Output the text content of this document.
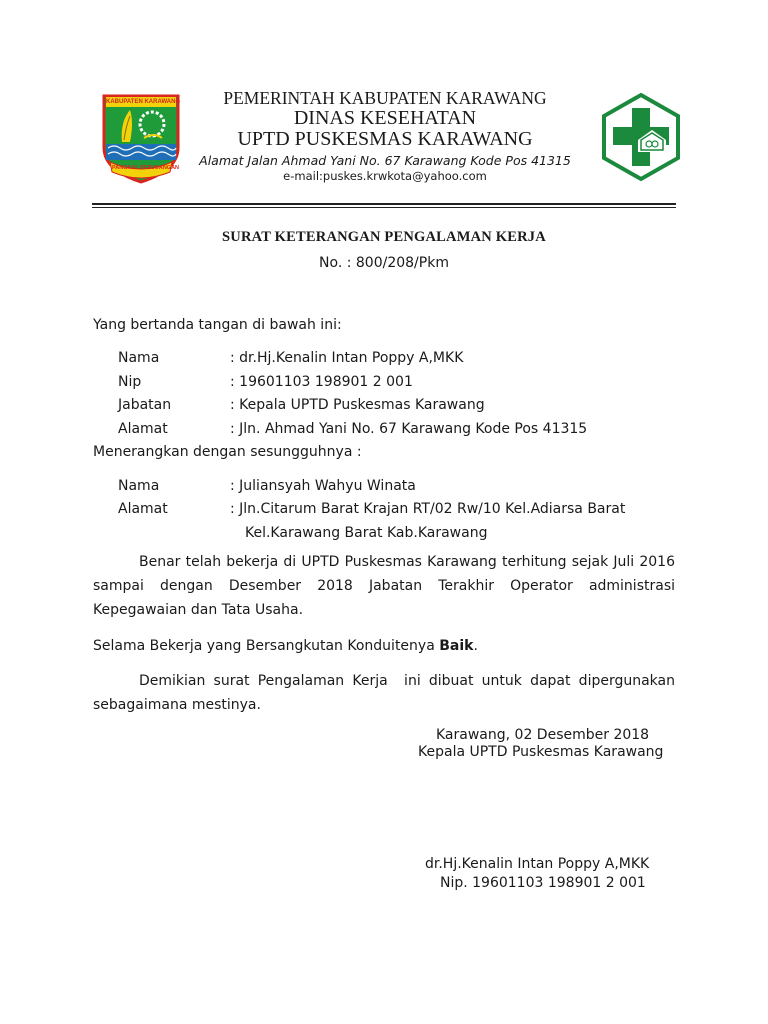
KABUPATEN KARAWANG
PANGKAL PERJOANGAN
PEMERINTAH KABUPATEN KARAWANG
DINAS KESEHATAN
UPTD PUSKESMAS KARAWANG
Alamat Jalan Ahmad Yani No. 67 Karawang Kode Pos 41315
e-mail:puskes.krwkota@yahoo.com
SURAT KETERANGAN PENGALAMAN KERJA
No. : 800/208/Pkm
Yang bertanda tangan di bawah ini:
Nama	: dr.Hj.Kenalin Intan Poppy A,MKK
Nip	: 19601103 198901 2 001
Jabatan	: Kepala UPTD Puskesmas Karawang
Alamat	: Jln. Ahmad Yani No. 67 Karawang Kode Pos 41315
Menerangkan dengan sesungguhnya :
Nama	: Juliansyah Wahyu Winata
Alamat	: Jln.Citarum Barat Krajan RT/02 Rw/10 Kel.Adiarsa Barat
Kel.Karawang Barat Kab.Karawang
Benar telah bekerja di UPTD Puskesmas Karawang terhitung sejak Juli 2016
sampai dengan Desember 2018 Jabatan Terakhir Operator administrasi
Kepegawaian dan Tata Usaha.
Selama Bekerja yang Bersangkutan Konduitenya Baik.
Demikian surat Pengalaman Kerja  ini dibuat untuk dapat dipergunakan
sebagaimana mestinya.
Karawang, 02 Desember 2018
Kepala UPTD Puskesmas Karawang
dr.Hj.Kenalin Intan Poppy A,MKK
Nip. 19601103 198901 2 001
